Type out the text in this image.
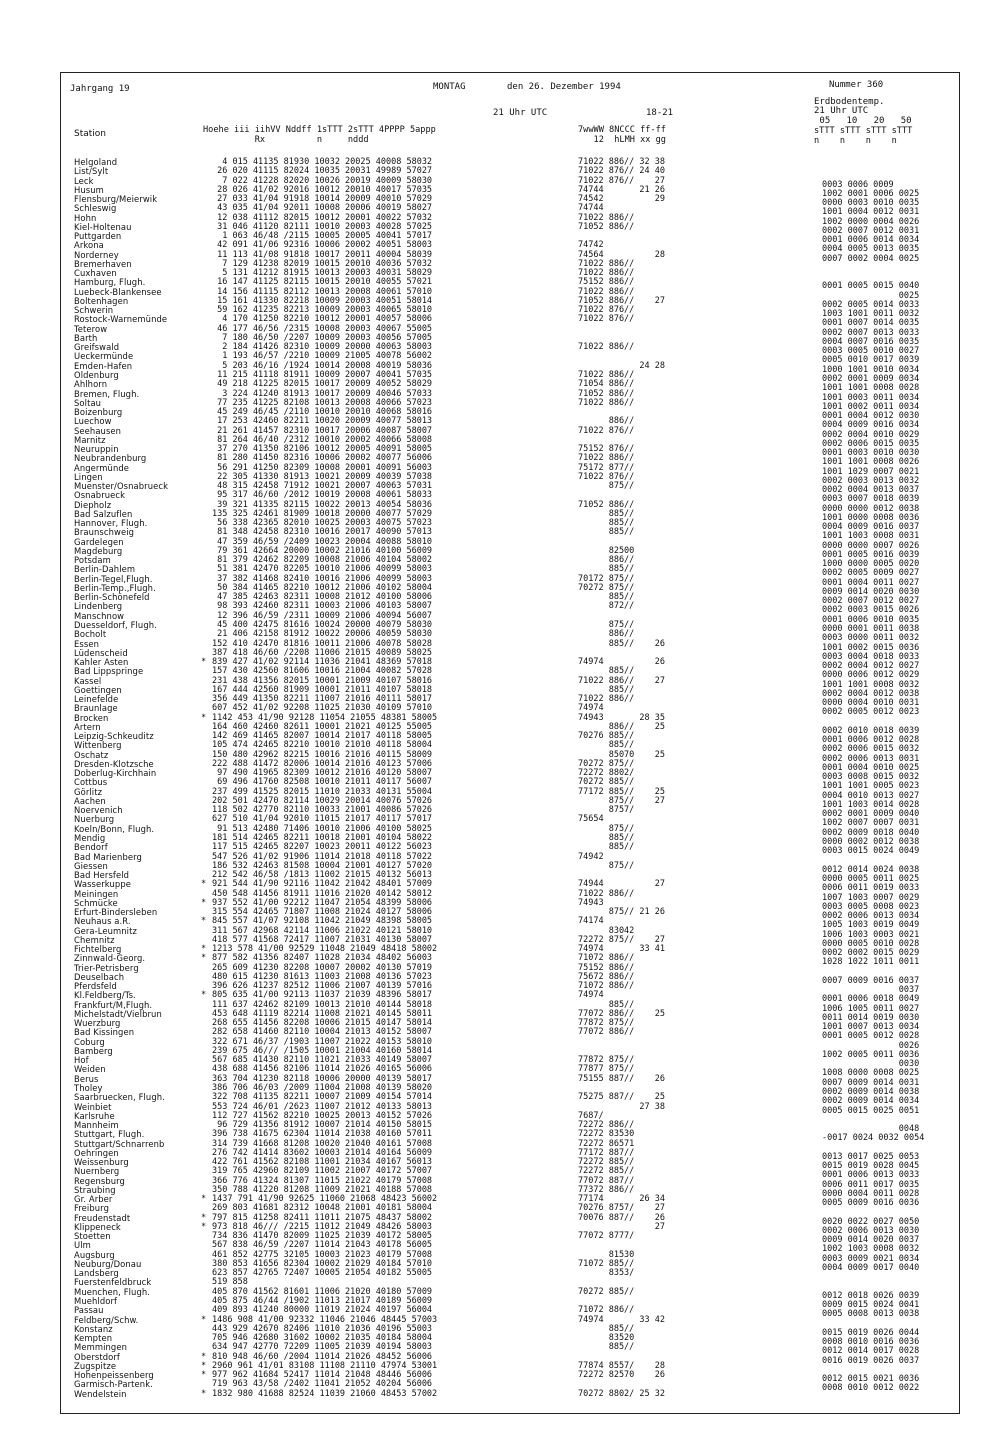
Jahrgang 19	MONTAG	den 26. Dezember 1994	Nummer 360
Erdbodentemp.
21 Uhr UTC
21 Uhr UTC	18-21
05   10   20   50
Station	Hoehe iii iihVV Nddff 1sTTT 2sTTT 4PPPP 5appp
Rx          n     nddd
7wwWW 8NCCC ff-ff
12  hLMH xx gg
sTTT sTTT sTTT sTTT
n    n    n    n
Helgoland	4 015 41135 81930 10032 20025 40008 58032	71022 886// 32 38
List/Sylt	26 020 41115 82024 10035 20031 49989 57027	71022 876// 24 40
Leck	7 022 41228 82020 10026 20019 40009 58030	71022 876//    27	0003 0006 0009
Husum	28 026 41/02 92016 10012 20010 40017 57035	74744       21 26	1002 0001 0006 0025
Flensburg/Meierwik	27 033 41/04 91918 10014 20009 40010 57029	74542          29	0000 0003 0010 0035
Schleswig	43 035 41/04 92011 10008 20006 40019 58027	74744	1001 0004 0012 0031
Hohn	12 038 41112 82015 10012 20001 40022 57032	71022 886//	1002 0000 0004 0026
Kiel-Holtenau	31 046 41120 82111 10010 20003 40028 57025	71052 886//	0002 0007 0012 0031
Puttgarden	1 063 46/48 /2115 10005 20005 40041 57017	0001 0006 0014 0034
Arkona	42 091 41/06 92316 10006 20002 40051 58003	74742	0004 0005 0013 0035
Norderney	11 113 41/08 91818 10017 20011 40004 58039	74564          28	0007 0002 0004 0025
Bremerhaven	7 129 41238 82019 10015 20010 40036 57032	71022 886//
Cuxhaven	5 131 41212 81915 10013 20003 40031 58029	71022 886//
Hamburg, Flugh.	16 147 41125 82115 10015 20010 40055 57021	75152 886//	0001 0005 0015 0040
Luebeck-Blankensee	14 156 41115 82112 10013 20008 40061 57010	71022 886//	0025
Boltenhagen	15 161 41330 82218 10009 20003 40051 58014	71052 886//    27	0002 0005 0014 0033
Schwerin	59 162 41235 82213 10009 20003 40065 58010	71022 876//	1003 1001 0011 0032
Rostock-Warnemünde	4 170 41250 82210 10012 20001 40057 58006	71022 876//	0001 0007 0014 0035
Teterow	46 177 46/56 /2315 10008 20003 40067 55005	0002 0007 0013 0033
Barth	7 180 46/50 /2207 10009 20003 40056 57005	0004 0007 0016 0035
Greifswald	2 184 41426 82310 10009 20000 40063 58003	71022 886//	0003 0005 0010 0027
Ueckermünde	1 193 46/57 /2210 10009 21005 40078 56002	0005 0010 0017 0039
Emden-Hafen	5 203 46/16 /1924 10014 20008 40019 58036	24 28	1000 1001 0010 0034
Oldenburg	11 215 41118 81911 10009 20007 40041 57035	71022 886//	0002 0001 0009 0034
Ahlhorn	49 218 41225 82015 10017 20009 40052 58029	71054 886//	1001 1001 0008 0028
Bremen, Flugh.	3 224 41240 81913 10017 20009 40046 57033	71052 886//	1001 0003 0011 0034
Soltau	77 235 41225 82108 10013 20008 40066 57023	71022 886//	1001 0002 0011 0034
Boizenburg	45 249 46/45 /2110 10010 20010 40068 58016	0001 0004 0012 0030
Luechow	17 253 42460 82211 10020 20009 40077 58013	886//	0004 0009 0016 0034
Seehausen	21 261 41457 82310 10017 20006 40087 58007	71022 876//	0002 0004 0010 0029
Marnitz	81 264 46/40 /2312 10010 20002 40066 58008	0002 0006 0015 0035
Neuruppin	37 270 41350 82106 10012 20005 40091 58005	75152 876//	0001 0003 0010 0030
Neubrandenburg	81 280 41450 82316 10006 20002 40077 56006	71022 886//	1001 1001 0008 0026
Angermünde	56 291 41250 82309 10008 20001 40091 56003	75172 877//	1001 1029 0007 0021
Lingen	22 305 41330 81913 10021 20009 40039 57038	71022 876//	0002 0003 0013 0032
Muenster/Osnabrueck	48 315 42458 71912 10021 20007 40063 57031	875//	0002 0004 0013 0037
Osnabrueck	95 317 46/60 /2012 10019 20008 40061 58033	0003 0007 0018 0039
Diepholz	39 321 41335 82115 10022 20013 40054 58036	71052 886//	0000 0000 0012 0038
Bad Salzuflen	135 325 42461 81909 10018 20000 40077 57029	885//	1001 0000 0008 0036
Hannover, Flugh.	56 338 42365 82010 10025 20003 40075 57023	885//	0004 0009 0016 0037
Braunschweig	81 348 42458 82310 10016 20017 40090 57013	885//	1001 1003 0008 0031
Gardelegen	47 359 46/59 /2409 10023 20004 40088 58010	0000 0000 0007 0026
Magdeburg	79 361 42664 20000 10002 21016 40100 56009	82500	0001 0005 0016 0039
Potsdam	81 379 42462 82209 10008 21006 40104 58002	886//	1000 0000 0005 0020
Berlin-Dahlem	51 381 42470 82205 10010 21006 40099 58003	885//	0002 0005 0009 0027
Berlin-Tegel,Flugh.	37 382 41468 82410 10016 21006 40099 58003	70172 875//	0001 0004 0011 0027
Berlin-Temp.,Flugh.	50 384 41465 82210 10012 21006 40102 58004	70272 875//	0009 0014 0020 0030
Berlin-Schönefeld	47 385 42463 82311 10008 21012 40100 58006	885//	0002 0007 0012 0027
Lindenberg	98 393 42460 82311 10003 21006 40103 58007	872//	0002 0003 0015 0026
Manschnow	12 396 46/59 /2311 10009 21006 40094 56007	0001 0006 0010 0035
Duesseldorf, Flugh.	45 400 42475 81616 10024 20000 40079 58030	875//	0000 0001 0011 0038
Bocholt	21 406 42158 81912 10022 20006 40059 58030	886//	0003 0000 0011 0032
Essen	152 410 42470 81816 10011 21006 40078 58028	885//    26	1001 0002 0015 0036
Lüdenscheid	387 418 46/60 /2208 11006 21015 40089 58025	0003 0004 0018 0033
Kahler Asten	* 839 427 41/02 92114 11036 21041 48369 57018	74974          26	0002 0004 0012 0027
Bad Lippspringe	157 430 42560 81606 10016 21004 40082 57028	885//	0000 0006 0012 0029
Kassel	231 438 41356 82015 10001 21009 40107 58016	71022 886//    27	1001 1001 0008 0032
Goettingen	167 444 42560 81909 10001 21011 40107 58018	885//	0002 0004 0012 0038
Leinefelde	356 449 41350 82211 11007 21016 40111 58017	71022 886//	0000 0004 0010 0031
Braunlage	607 452 41/02 92208 11025 21030 40109 57010	74974	0002 0005 0012 0023
Brocken	* 1142 453 41/90 92128 11054 21055 48381 58005	74943       28 35
Artern	164 460 42460 82611 10001 21021 40125 55005	886//    25	0002 0010 0018 0039
Leipzig-Schkeuditz	142 469 41465 82007 10014 21017 40118 58005	70276 885//	0001 0006 0012 0028
Wittenberg	105 474 42465 82210 10010 21010 40118 58004	885//	0002 0006 0015 0032
Oschatz	150 480 42962 82215 10016 21016 40115 58009	85070    25	0002 0006 0013 0031
Dresden-Klotzsche	222 488 41472 82006 10014 21016 40123 57006	70272 875//	0001 0004 0010 0025
Doberlug-Kirchhain	97 490 41965 82309 10012 21016 40120 58007	72272 8802/	0003 0008 0015 0032
Cottbus	69 496 41760 82508 10010 21011 40117 56007	70272 885//	1001 1001 0005 0023
Görlitz	237 499 41525 82015 11010 21033 40131 55004	77172 885//    25	0004 0010 0013 0027
Aachen	202 501 42470 82114 10029 20014 40076 57026	875//    27	1001 1003 0014 0028
Noervenich	118 502 42770 82110 10033 21001 40086 57026	8757/	0002 0001 0009 0040
Nuerburg	627 510 41/04 92010 11015 21017 40117 57017	75654	1002 0007 0007 0031
Koeln/Bonn, Flugh.	91 513 42480 71406 10010 21006 40100 58025	875//	0002 0009 0018 0040
Mendig	181 514 42465 82211 10018 21001 40104 58022	885//	0000 0002 0012 0038
Bendorf	117 515 42465 82207 10023 20011 40122 56023	885//	0003 0015 0024 0049
Bad Marienberg	547 526 41/02 91906 11014 21018 40118 57022	74942
Giessen	186 532 42463 81508 10004 21001 40127 57020	875//	0012 0014 0024 0038
Bad Hersfeld	212 542 46/58 /1813 11002 21015 40132 56013	0000 0005 0011 0025
Wasserkuppe	* 921 544 41/90 92116 11042 21042 48401 57009	74944          27	0006 0011 0019 0033
Meiningen	450 548 41456 81911 11016 21020 40142 58012	71022 886//	1007 1003 0007 0029
Schmücke	* 937 552 41/00 92212 11047 21054 48399 58006	74943	0003 0005 0008 0023
Erfurt-Bindersleben	315 554 42465 71807 11008 21024 40127 58006	875// 21 26	0002 0006 0013 0034
Neuhaus a.R.	* 845 557 41/07 92108 11042 21049 48398 58005	74174	1005 1003 0019 0049
Gera-Leumnitz	311 567 42968 42114 11006 21022 40121 58010	83042	1006 1003 0003 0021
Chemnitz	418 577 41568 72417 11007 21031 40130 58007	72272 875//    27	0000 0005 0010 0028
Fichtelberg	* 1213 578 41/00 92529 11048 21049 48418 58002	74974       33 41	0002 0002 0015 0029
Zinnwald-Georg.	* 877 582 41356 82407 11028 21034 48402 56003	71072 886//	1028 1022 1011 0011
Trier-Petrisberg	265 609 41230 82208 10007 20002 40130 57019	75152 886//
Deuselbach	480 615 41230 81613 11003 21008 40136 57023	75672 886//	0007 0009 0016 0037
Pferdsfeld	396 626 41237 82512 11006 21007 40139 57016	71072 886//	0037
Kl.Feldberg/Ts.	* 805 635 41/00 92113 11037 21039 48396 58017	74974	0001 0006 0018 0049
Frankfurt/M,Flugh.	111 637 42462 82109 10013 21010 40144 58018	885//	1006 1005 0011 0027
Michelstadt/Vielbrun	453 648 41119 82214 11008 21021 40145 58011	77072 886//    25	0011 0014 0019 0030
Wuerzburg	268 655 41456 82208 10006 21015 40147 58014	77872 875//	1001 0007 0013 0034
Bad Kissingen	282 658 41460 82110 10004 21013 40152 58007	77072 886//	0001 0005 0012 0028
Coburg	322 671 46/37 /1903 11007 21022 40153 58010	0026
Bamberg	239 675 46/// /1505 10001 21004 40160 58014	1002 0005 0011 0036
Hof	567 685 41430 82110 11021 21033 40149 58007	77872 875//	0030
Weiden	438 688 41456 82106 11014 21026 40165 56006	77877 875//	1008 0000 0008 0025
Berus	363 704 41230 82118 10006 20000 40139 58017	75155 887//    26	0007 0009 0014 0031
Tholey	386 706 46/03 /2009 11004 21008 40139 58020	0002 0009 0014 0038
Saarbruecken, Flugh.	322 708 41135 82211 10007 21009 40154 57014	75275 887//    25	0002 0009 0014 0034
Weinbiet	553 724 46/01 /2623 11007 21012 40133 58013	27 38	0005 0015 0025 0051
Karlsruhe	112 727 41562 82210 10025 20013 40152 57026	7687/
Mannheim	96 729 41356 81912 10007 21014 40150 58015	72272 886//	0048
Stuttgart, Flugh.	396 738 41675 62304 11014 21038 40160 57011	72272 83530	-0017 0024 0032 0054
Stuttgart/Schnarrenb	314 739 41668 81208 10020 21040 40161 57008	72272 86571
Oehringen	276 742 41414 83602 10003 21014 40164 56009	77172 887//	0013 0017 0025 0053
Weissenburg	422 761 41562 82108 11001 21034 40167 56013	72272 885//	0015 0019 0028 0045
Nuernberg	319 765 42960 82109 11002 21007 40172 57007	72272 885//	0001 0006 0013 0033
Regensburg	366 776 41324 81307 11015 21022 40179 57008	77072 887//	0006 0011 0017 0035
Straubing	350 788 41220 81208 11009 21021 40188 57008	77372 886//	0000 0004 0011 0028
Gr. Arber	* 1437 791 41/90 92625 11060 21068 48423 56002	77174       26 34	0005 0009 0016 0036
Freiburg	269 803 41681 82312 10048 21001 40181 58004	70276 8757/    27
Freudenstadt	* 797 815 41258 82411 11011 21075 48437 58002	70076 887//    26	0020 0022 0027 0050
Klippeneck	* 973 818 46/// /2215 11012 21049 48426 58003	27	0002 0006 0013 0030
Stoetten	734 836 41470 82009 11025 21039 40172 58005	77072 8777/	0009 0014 0020 0037
Ulm	567 838 46/59 /2207 11014 21043 40178 56005	1002 1003 0008 0032
Augsburg	461 852 42775 32105 10003 21023 40179 57008	81530	0003 0009 0021 0034
Neuburg/Donau	380 853 41656 82304 10002 21029 40184 57010	71072 885//	0004 0009 0017 0040
Landsberg	623 857 42765 72407 10005 21054 40182 55005	8353/
Fuerstenfeldbruck	519 858
Muenchen, Flugh.	405 870 41562 81601 11006 21020 40180 57009	70272 885//	0012 0018 0026 0039
Muehldorf	405 875 46/44 /1902 11013 21017 40189 56009	0009 0015 0024 0041
Passau	409 893 41240 80000 11019 21024 40197 56004	71072 886//	0005 0008 0013 0038
Feldberg/Schw.	* 1486 908 41/00 92332 11046 21046 48445 57003	74974       33 42
Konstanz	443 929 42670 82406 11010 21036 40196 55003	885//	0015 0019 0026 0044
Kempten	705 946 42680 31602 10002 21035 40184 58004	83520	0008 0010 0016 0036
Memmingen	634 947 42770 72209 11005 21039 40194 58003	885//	0012 0014 0017 0028
Oberstdorf	* 810 948 46/60 /2004 11014 21026 48452 56006	0016 0019 0026 0037
Zugspitze	* 2960 961 41/01 83108 11108 21110 47974 53001	77874 8557/    28
Hohenpeissenberg	* 977 962 41684 52417 11014 21048 48446 56006	72272 82570    26	0012 0015 0021 0036
Garmisch-Partenk.	719 963 43/58 /2402 11041 21052 40204 56006	0008 0010 0012 0022
Wendelstein	* 1832 980 41688 82524 11039 21060 48453 57002	70272 8802/ 25 32
